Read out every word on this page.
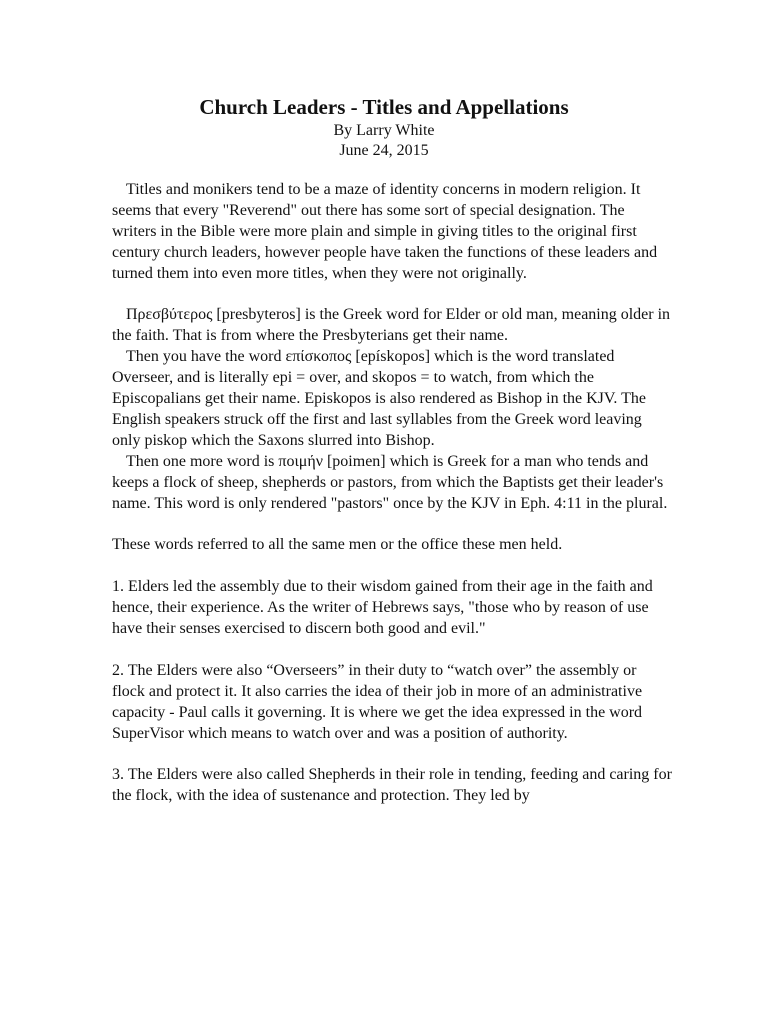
Church Leaders - Titles and Appellations

By Larry White

June 24, 2015

Titles and monikers tend to be a maze of identity concerns in modern religion. It seems that every "Reverend" out there has some sort of special designation. The writers in the Bible were more plain and simple in giving titles to the original first century church leaders, however people have taken the functions of these leaders and turned them into even more titles, when they were not originally.

Πρεσβύτερος [presbyteros] is the Greek word for Elder or old man, meaning older in the faith. That is from where the Presbyterians get their name.

Then you have the word επίσκοπος [epískopos] which is the word translated Overseer, and is literally epi = over, and skopos = to watch, from which the Episcopalians get their name. Episkopos is also rendered as Bishop in the KJV. The English speakers struck off the first and last syllables from the Greek word leaving only piskop which the Saxons slurred into Bishop.

Then one more word is ποιμήν [poimen] which is Greek for a man who tends and keeps a flock of sheep, shepherds or pastors, from which the Baptists get their leader's name. This word is only rendered "pastors" once by the KJV in Eph. 4:11 in the plural.

These words referred to all the same men or the office these men held.

1. Elders led the assembly due to their wisdom gained from their age in the faith and hence, their experience. As the writer of Hebrews says, "those who by reason of use have their senses exercised to discern both good and evil."

2. The Elders were also “Overseers” in their duty to “watch over” the assembly or flock and protect it. It also carries the idea of their job in more of an administrative capacity - Paul calls it governing. It is where we get the idea expressed in the word SuperVisor which means to watch over and was a position of authority.

3. The Elders were also called Shepherds in their role in tending, feeding and caring for the flock, with the idea of sustenance and protection. They led by
